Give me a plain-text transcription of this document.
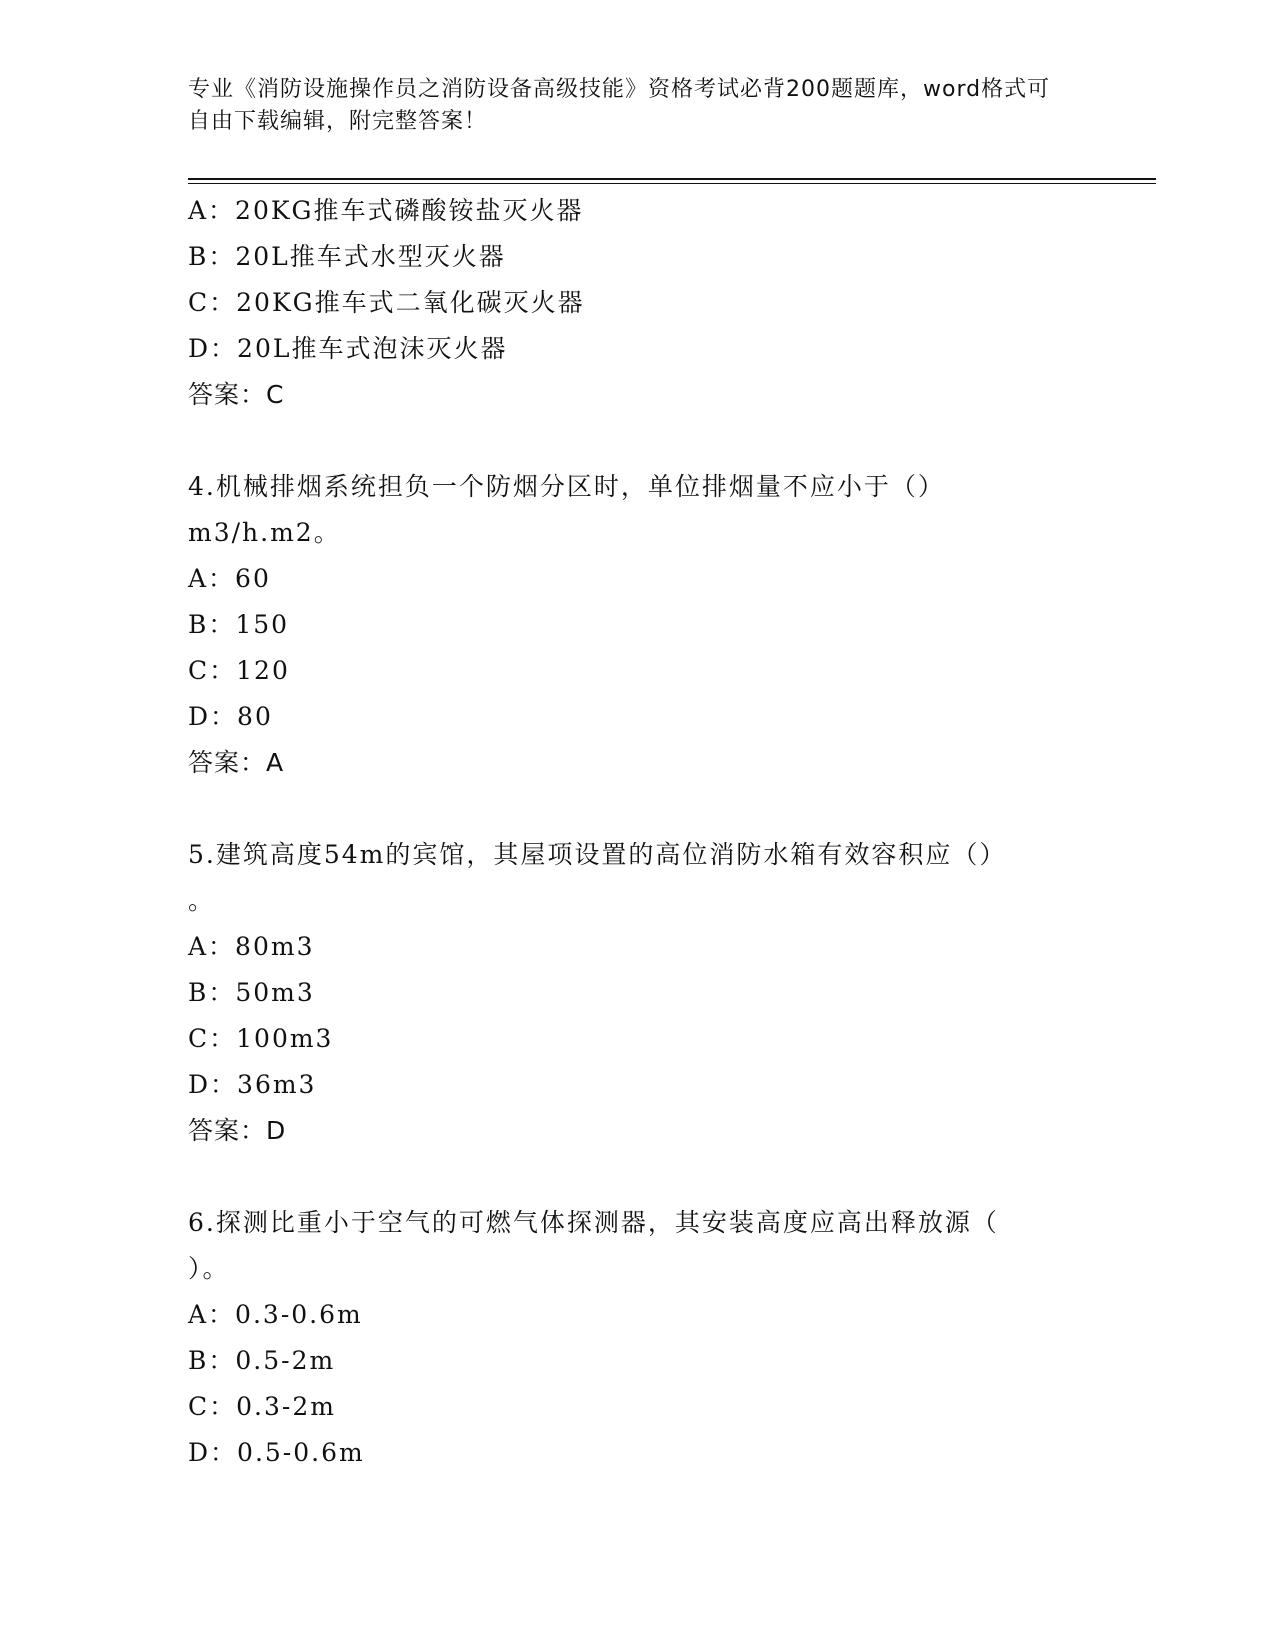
专业《消防设施操作员之消防设备高级技能》资格考试必背200题题库，word格式可自由下载编辑，附完整答案！
A：20KG推车式磷酸铵盐灭火器
B：20L推车式水型灭火器
C：20KG推车式二氧化碳灭火器
D：20L推车式泡沫灭火器
答案：C
4.机械排烟系统担负一个防烟分区时，单位排烟量不应小于（）
m3/h.m2。
A：60
B：150
C：120
D：80
答案：A
5.建筑高度54m的宾馆，其屋项设置的高位消防水箱有效容积应（）
。
A：80m3
B：50m3
C：100m3
D：36m3
答案：D
6.探测比重小于空气的可燃气体探测器，其安装高度应高出释放源（
）。
A：0.3-0.6m
B：0.5-2m
C：0.3-2m
D：0.5-0.6m
